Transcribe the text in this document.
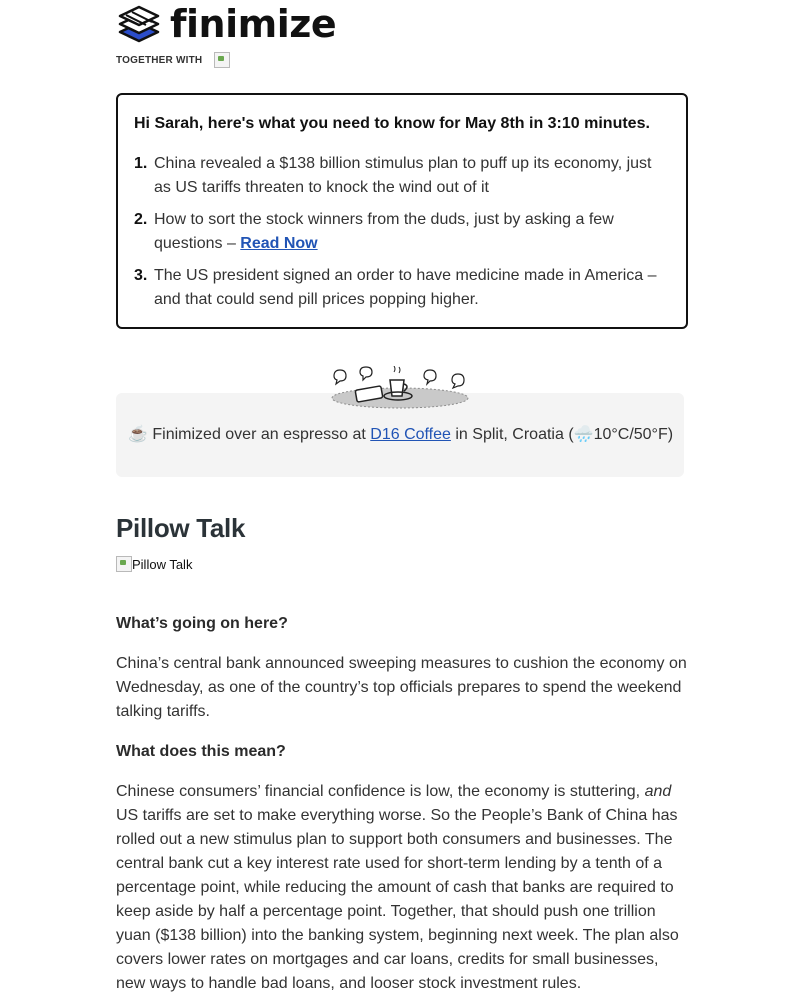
finimize
TOGETHER WITH
Hi Sarah, here's what you need to know for May 8th in 3:10 minutes.
1. China revealed a $138 billion stimulus plan to puff up its economy, just as US tariffs threaten to knock the wind out of it
2. How to sort the stock winners from the duds, just by asking a few questions – Read Now
3. The US president signed an order to have medicine made in America – and that could send pill prices popping higher.
☕ Finimized over an espresso at D16 Coffee in Split, Croatia (🌧️10°C/50°F)
Pillow Talk
Pillow Talk
What’s going on here?

China’s central bank announced sweeping measures to cushion the economy on Wednesday, as one of the country’s top officials prepares to spend the weekend talking tariffs.

What does this mean?

Chinese consumers’ financial confidence is low, the economy is stuttering, and US tariffs are set to make everything worse. So the People’s Bank of China has rolled out a new stimulus plan to support both consumers and businesses. The central bank cut a key interest rate used for short-term lending by a tenth of a percentage point, while reducing the amount of cash that banks are required to keep aside by half a percentage point. Together, that should push one trillion yuan ($138 billion) into the banking system, beginning next week. The plan also covers lower rates on mortgages and car loans, credits for small businesses, new ways to handle bad loans, and looser stock investment rules.
